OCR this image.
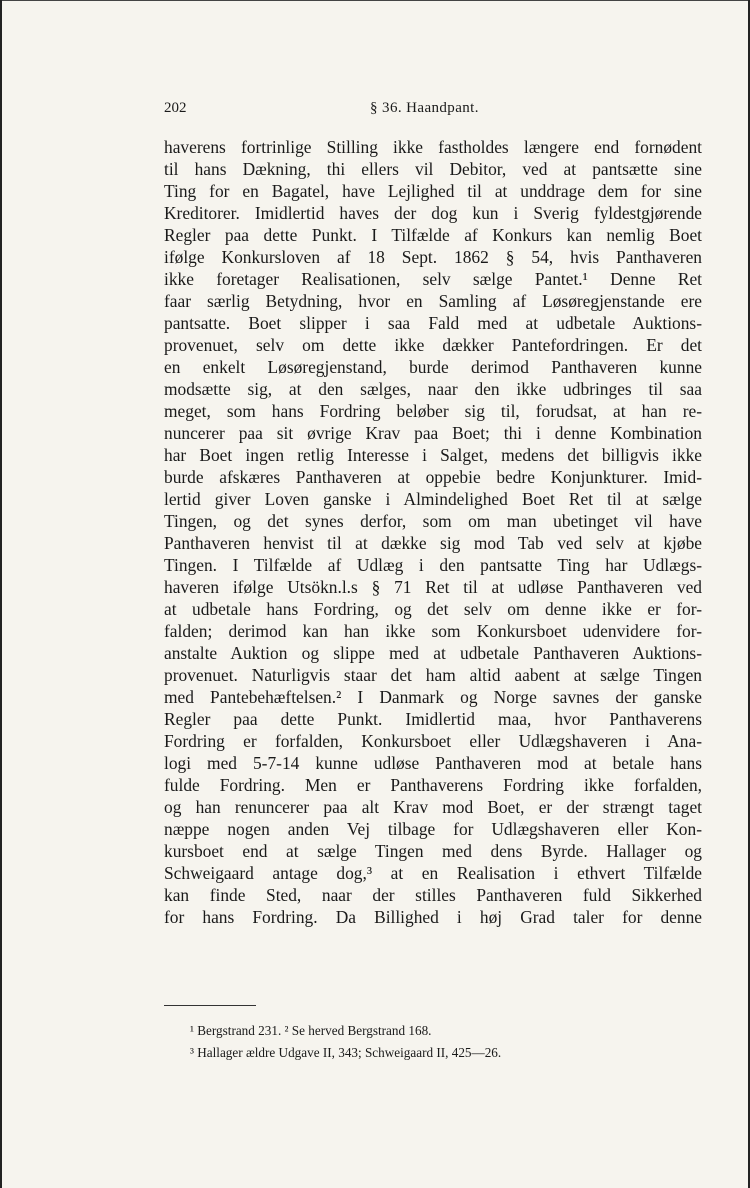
202	§ 36. Haandpant.
haverens fortrinlige Stilling ikke fastholdes længere end fornødent
til hans Dækning, thi ellers vil Debitor, ved at pantsætte sine
Ting for en Bagatel, have Lejlighed til at unddrage dem for sine
Kreditorer. Imidlertid haves der dog kun i Sverig fyldestgjørende
Regler paa dette Punkt. I Tilfælde af Konkurs kan nemlig Boet
ifølge Konkursloven af 18 Sept. 1862 § 54, hvis Panthaveren
ikke foretager Realisationen, selv sælge Pantet.¹ Denne Ret
faar særlig Betydning, hvor en Samling af Løsøregjenstande ere
pantsatte. Boet slipper i saa Fald med at udbetale Auktions-
provenuet, selv om dette ikke dækker Pantefordringen. Er det
en enkelt Løsøregjenstand, burde derimod Panthaveren kunne
modsætte sig, at den sælges, naar den ikke udbringes til saa
meget, som hans Fordring beløber sig til, forudsat, at han re-
nuncerer paa sit øvrige Krav paa Boet; thi i denne Kombination
har Boet ingen retlig Interesse i Salget, medens det billigvis ikke
burde afskæres Panthaveren at oppebie bedre Konjunkturer. Imid-
lertid giver Loven ganske i Almindelighed Boet Ret til at sælge
Tingen, og det synes derfor, som om man ubetinget vil have
Panthaveren henvist til at dække sig mod Tab ved selv at kjøbe
Tingen. I Tilfælde af Udlæg i den pantsatte Ting har Udlægs-
haveren ifølge Utsökn.l.s § 71 Ret til at udløse Panthaveren ved
at udbetale hans Fordring, og det selv om denne ikke er for-
falden; derimod kan han ikke som Konkursboet udenvidere for-
anstalte Auktion og slippe med at udbetale Panthaveren Auktions-
provenuet. Naturligvis staar det ham altid aabent at sælge Tingen
med Pantebehæftelsen.² I Danmark og Norge savnes der ganske
Regler paa dette Punkt. Imidlertid maa, hvor Panthaverens
Fordring er forfalden, Konkursboet eller Udlægshaveren i Ana-
logi med 5-7-14 kunne udløse Panthaveren mod at betale hans
fulde Fordring. Men er Panthaverens Fordring ikke forfalden,
og han renuncerer paa alt Krav mod Boet, er der strængt taget
næppe nogen anden Vej tilbage for Udlægshaveren eller Kon-
kursboet end at sælge Tingen med dens Byrde. Hallager og
Schweigaard antage dog,³ at en Realisation i ethvert Tilfælde
kan finde Sted, naar der stilles Panthaveren fuld Sikkerhed
for hans Fordring. Da Billighed i høj Grad taler for denne
¹ Bergstrand 231. ² Se herved Bergstrand 168.
³ Hallager ældre Udgave II, 343; Schweigaard II, 425—26.
